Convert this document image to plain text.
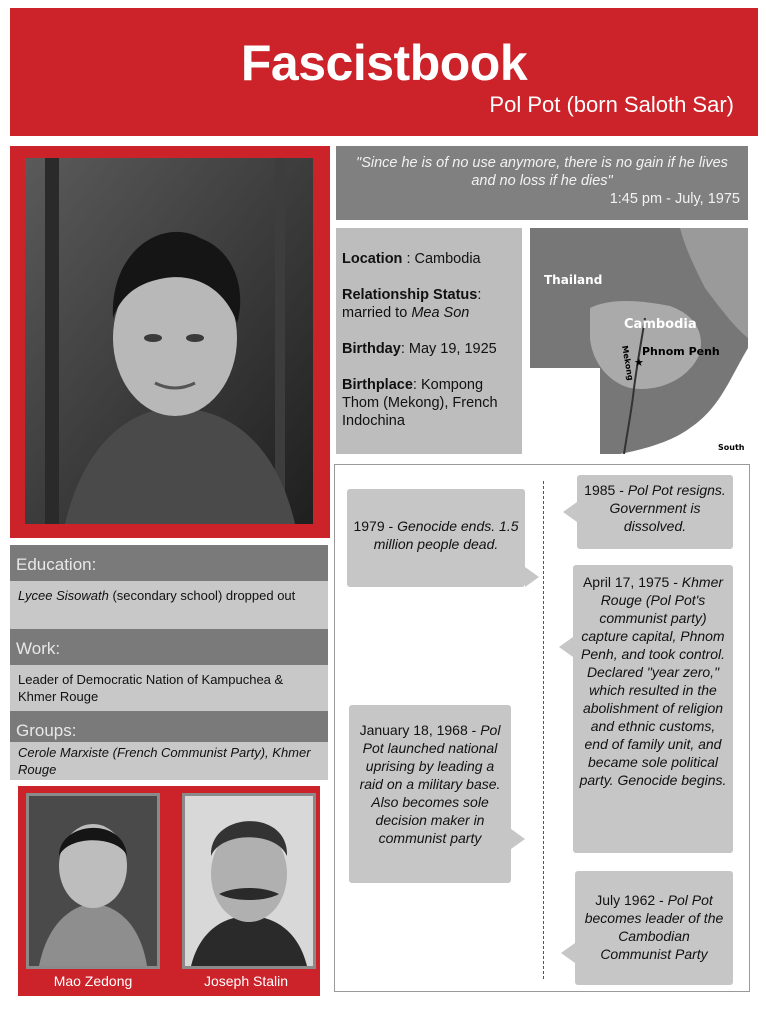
Fascistbook
Pol Pot (born Saloth Sar)
"Since he is of no use anymore, there is no gain if he lives and no loss if he dies"
1:45 pm - July, 1975

Location : Cambodia

Relationship Status: married to Mea Son

Birthday: May 19, 1925

Birthplace: Kompong Thom (Mekong), French Indochina

Thailand
Cambodia
Phnom Penh
★
Mekong
South
Education:
Lycee Sisowath (secondary school) dropped out
Work:
Leader of Democratic Nation of Kampuchea & Khmer Rouge
Groups:
Cerole Marxiste (French Communist Party), Khmer Rouge
Mao Zedong	Joseph Stalin
1985 - Pol Pot resigns. Government is dissolved.
1979 - Genocide ends. 1.5 million people dead.
April 17, 1975 - Khmer Rouge (Pol Pot's communist party) capture capital, Phnom Penh, and took control. Declared "year zero," which resulted in the abolishment of religion and ethnic customs, end of family unit, and became sole political party. Genocide begins.
January 18, 1968 - Pol Pot launched national uprising by leading a raid on a military base. Also becomes sole decision maker in communist party
July 1962 - Pol Pot becomes leader of the Cambodian Communist Party
